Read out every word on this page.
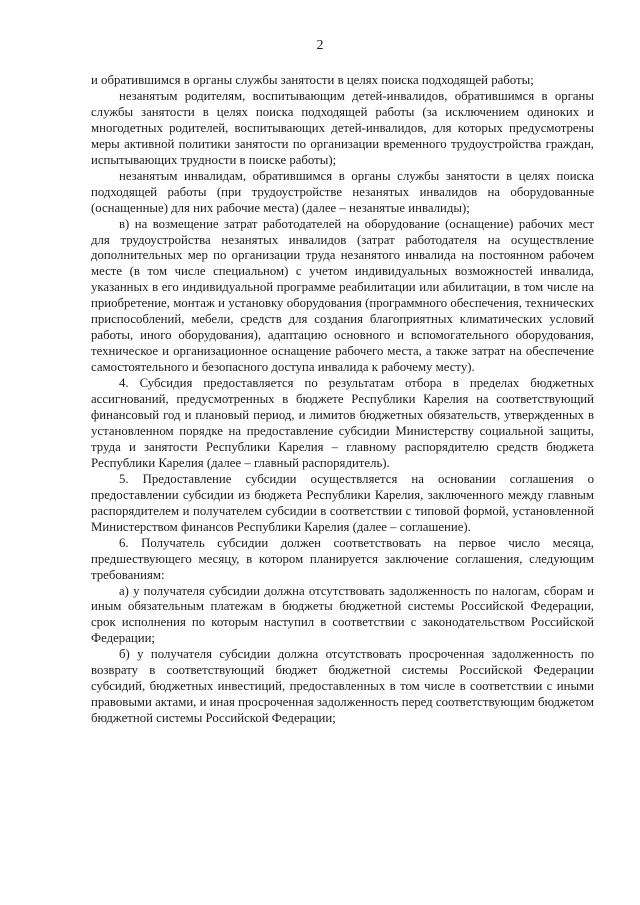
2

и обратившимся в органы службы занятости в целях поиска подходящей работы;

незанятым родителям, воспитывающим детей-инвалидов, обратившимся в органы службы занятости в целях поиска подходящей работы (за исключением одиноких и многодетных родителей, воспитывающих детей-инвалидов, для которых предусмотрены меры активной политики занятости по организации временного трудоустройства граждан, испытывающих трудности в поиске работы);

незанятым инвалидам, обратившимся в органы службы занятости в целях поиска подходящей работы (при трудоустройстве незанятых инвалидов на оборудованные (оснащенные) для них рабочие места) (далее – незанятые инвалиды);

в) на возмещение затрат работодателей на оборудование (оснащение) рабочих мест для трудоустройства незанятых инвалидов (затрат работодателя на осуществление дополнительных мер по организации труда незанятого инвалида на постоянном рабочем месте (в том числе специальном) с учетом индивидуальных возможностей инвалида, указанных в его индивидуальной программе реабилитации или абилитации, в том числе на приобретение, монтаж и установку оборудования (программного обеспечения, технических приспособлений, мебели, средств для создания благоприятных климатических условий работы, иного оборудования), адаптацию основного и вспомогательного оборудования, техническое и организационное оснащение рабочего места, а также затрат на обеспечение самостоятельного и безопасного доступа инвалида к рабочему месту).

4. Субсидия предоставляется по результатам отбора в пределах бюджетных ассигнований, предусмотренных в бюджете Республики Карелия на соответствующий финансовый год и плановый период, и лимитов бюджетных обязательств, утвержденных в установленном порядке на предоставление субсидии Министерству социальной защиты, труда и занятости Республики Карелия – главному распорядителю средств бюджета Республики Карелия (далее – главный распорядитель).

5. Предоставление субсидии осуществляется на основании соглашения о предоставлении субсидии из бюджета Республики Карелия, заключенного между главным распорядителем и получателем субсидии в соответствии с типовой формой, установленной Министерством финансов Республики Карелия (далее – соглашение).

6. Получатель субсидии должен соответствовать на первое число месяца, предшествующего месяцу, в котором планируется заключение соглашения, следующим требованиям:

а) у получателя субсидии должна отсутствовать задолженность по налогам, сборам и иным обязательным платежам в бюджеты бюджетной системы Российской Федерации, срок исполнения по которым наступил в соответствии с законодательством Российской Федерации;

б) у получателя субсидии должна отсутствовать просроченная задолженность по возврату в соответствующий бюджет бюджетной системы Российской Федерации субсидий, бюджетных инвестиций, предоставленных в том числе в соответствии с иными правовыми актами, и иная просроченная задолженность перед соответствующим бюджетом бюджетной системы Российской Федерации;
